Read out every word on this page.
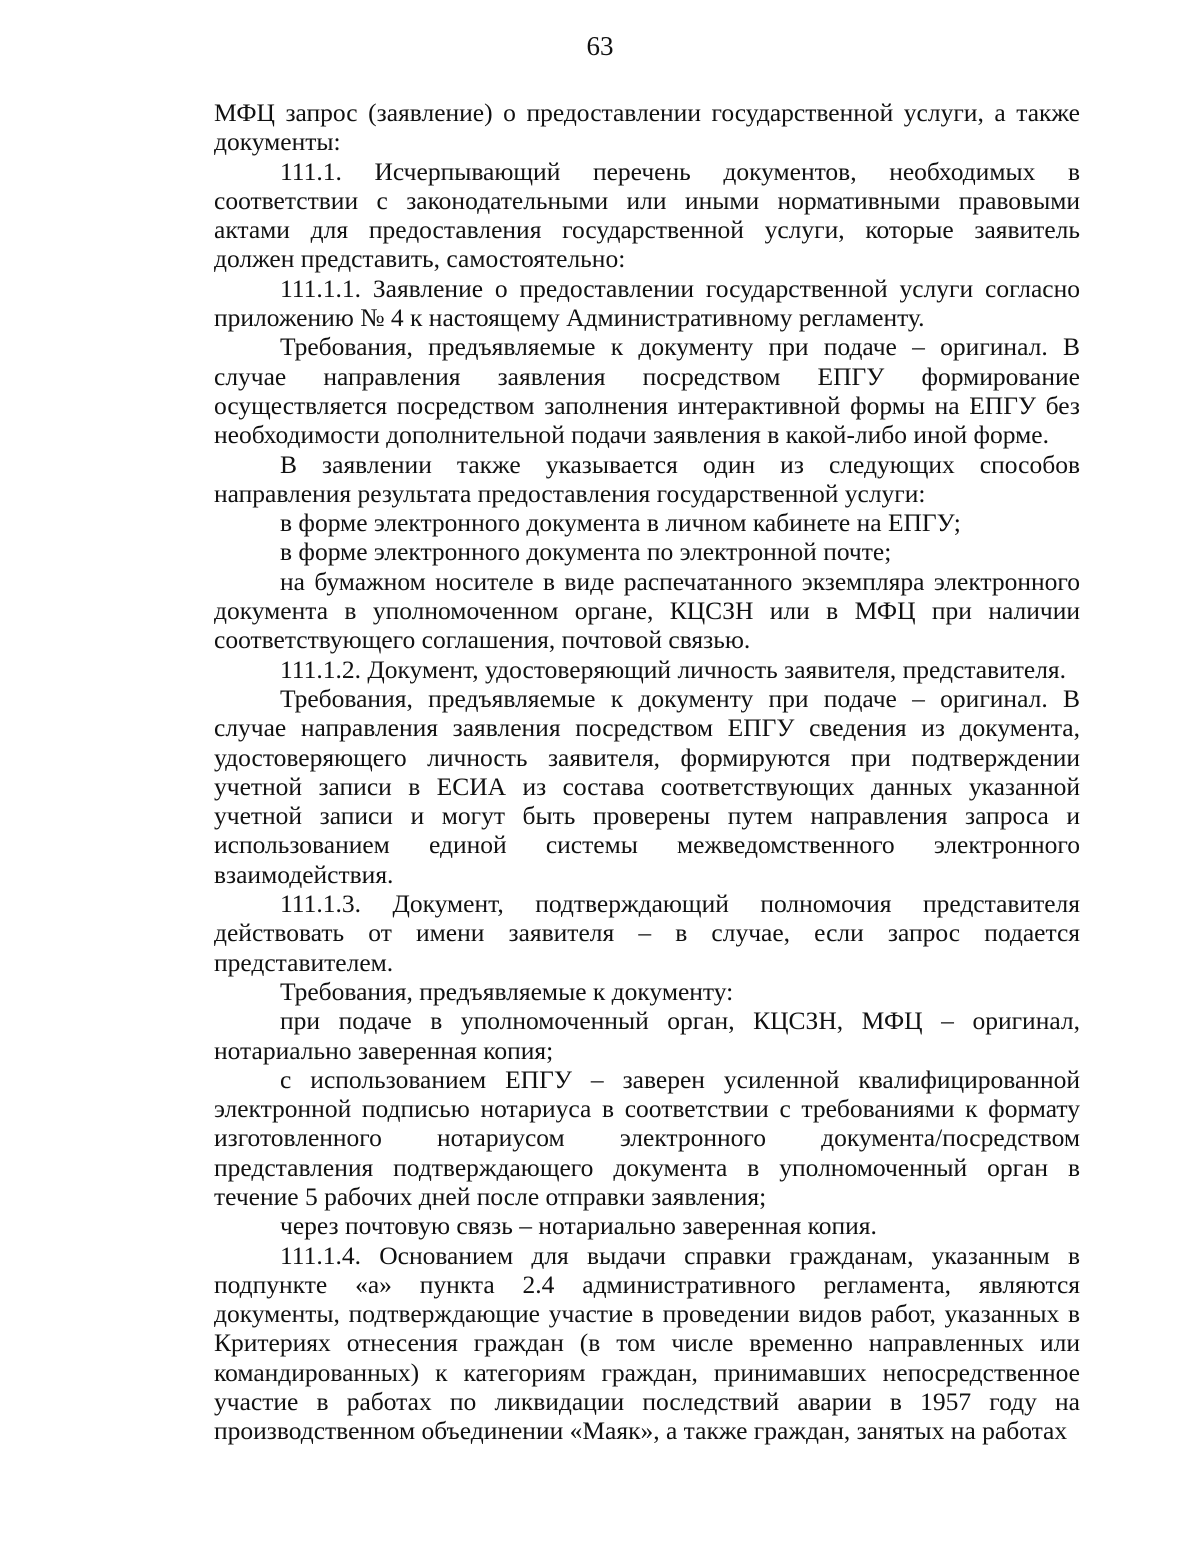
63

МФЦ запрос (заявление) о предоставлении государственной услуги, а также документы:

111.1. Исчерпывающий перечень документов, необходимых в соответствии с законодательными или иными нормативными правовыми актами для предоставления государственной услуги, которые заявитель должен представить, самостоятельно:

111.1.1. Заявление о предоставлении государственной услуги согласно приложению № 4 к настоящему Административному регламенту.

Требования, предъявляемые к документу при подаче – оригинал. В случае направления заявления посредством ЕПГУ формирование осуществляется посредством заполнения интерактивной формы на ЕПГУ без необходимости дополнительной подачи заявления в какой-либо иной форме.

В заявлении также указывается один из следующих способов направления результата предоставления государственной услуги:

в форме электронного документа в личном кабинете на ЕПГУ;

в форме электронного документа по электронной почте;

на бумажном носителе в виде распечатанного экземпляра электронного документа в уполномоченном органе, КЦСЗН или в МФЦ при наличии соответствующего соглашения, почтовой связью.

111.1.2. Документ, удостоверяющий личность заявителя, представителя.

Требования, предъявляемые к документу при подаче – оригинал. В случае направления заявления посредством ЕПГУ сведения из документа, удостоверяющего личность заявителя, формируются при подтверждении учетной записи в ЕСИА из состава соответствующих данных указанной учетной записи и могут быть проверены путем направления запроса и использованием единой системы межведомственного электронного взаимодействия.

111.1.3. Документ, подтверждающий полномочия представителя действовать от имени заявителя – в случае, если запрос подается представителем.

Требования, предъявляемые к документу:

при подаче в уполномоченный орган, КЦСЗН, МФЦ – оригинал, нотариально заверенная копия;

с использованием ЕПГУ – заверен усиленной квалифицированной электронной подписью нотариуса в соответствии с требованиями к формату изготовленного нотариусом электронного документа/посредством представления подтверждающего документа в уполномоченный орган в течение 5 рабочих дней после отправки заявления;

через почтовую связь – нотариально заверенная копия.

111.1.4. Основанием для выдачи справки гражданам, указанным в подпункте «а» пункта 2.4 административного регламента, являются документы, подтверждающие участие в проведении видов работ, указанных в Критериях отнесения граждан (в том числе временно направленных или командированных) к категориям граждан, принимавших непосредственное участие в работах по ликвидации последствий аварии в 1957 году на производственном объединении «Маяк», а также граждан, занятых на работах
